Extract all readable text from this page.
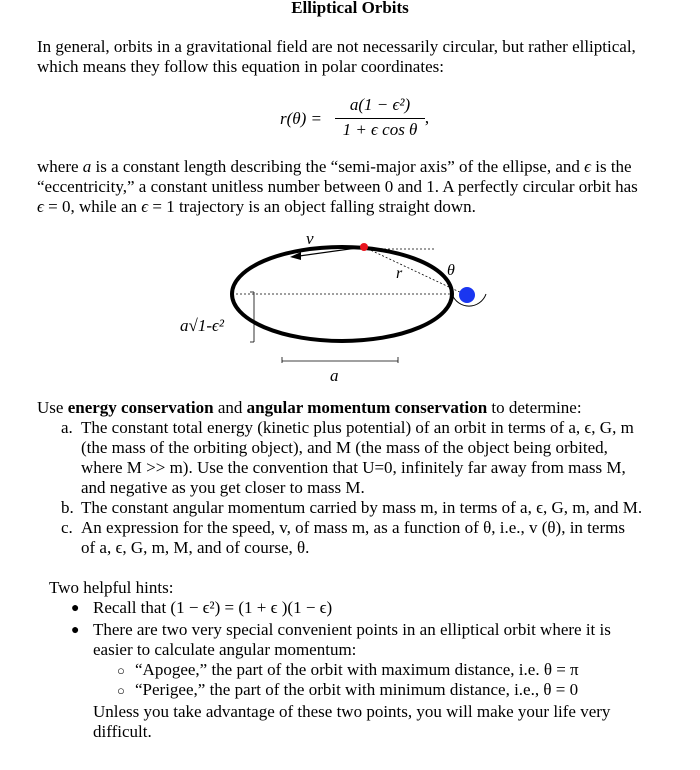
Elliptical Orbits
In general, orbits in a gravitational field are not necessarily circular, but rather elliptical,
which means they follow this equation in polar coordinates:
r(θ) =
a(1 − ϵ²)
1 + ϵ cos θ ’
where a is a constant length describing the “semi-major axis” of the ellipse, and ϵ is the
“eccentricity,” a constant unitless number between 0 and 1. A perfectly circular orbit has
ϵ = 0, while an ϵ = 1 trajectory is an object falling straight down.
v
r	θ
a√1-ϵ²
a
Use energy conservation and angular momentum conservation to determine:
a. The constant total energy (kinetic plus potential) of an orbit in terms of a, ϵ, G, m
(the mass of the orbiting object), and M (the mass of the object being orbited,
where M >> m). Use the convention that U=0, infinitely far away from mass M,
and negative as you get closer to mass M.
b. The constant angular momentum carried by mass m, in terms of a, ϵ, G, m, and M.
c. An expression for the speed, v, of mass m, as a function of θ, i.e., v (θ), in terms
of a, ϵ, G, m, M, and of course, θ.
Two helpful hints:
● Recall that (1 − ϵ²) = (1 + ϵ )(1 − ϵ)
● There are two very special convenient points in an elliptical orbit where it is
easier to calculate angular momentum:
○ “Apogee,” the part of the orbit with maximum distance, i.e. θ = π
○ “Perigee,” the part of the orbit with minimum distance, i.e., θ = 0
Unless you take advantage of these two points, you will make your life very
difficult.
